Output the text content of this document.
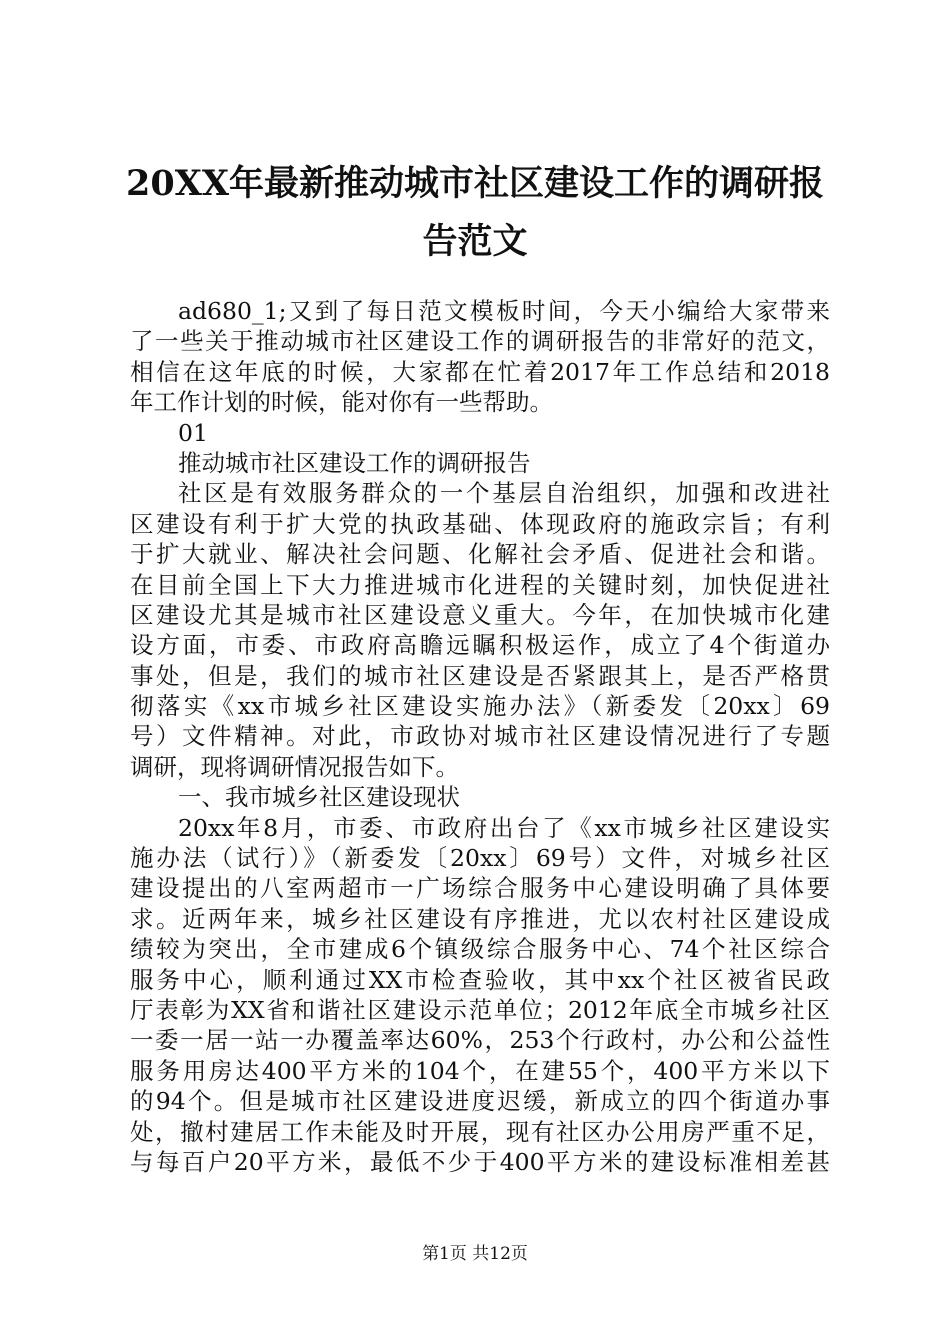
20XX年最新推动城市社区建设工作的调研报
告范文
ad680_1;又到了每日范文模板时间，今天小编给大家带来
了一些关于推动城市社区建设工作的调研报告的非常好的范文，
相信在这年底的时候，大家都在忙着2017年工作总结和2018
年工作计划的时候，能对你有一些帮助。
01
推动城市社区建设工作的调研报告
社区是有效服务群众的一个基层自治组织，加强和改进社
区建设有利于扩大党的执政基础、体现政府的施政宗旨；有利
于扩大就业、解决社会问题、化解社会矛盾、促进社会和谐。
在目前全国上下大力推进城市化进程的关键时刻，加快促进社
区建设尤其是城市社区建设意义重大。今年，在加快城市化建
设方面，市委、市政府高瞻远瞩积极运作，成立了4个街道办
事处，但是，我们的城市社区建设是否紧跟其上，是否严格贯
彻落实《xx市城乡社区建设实施办法》（新委发〔20xx〕69
号）文件精神。对此，市政协对城市社区建设情况进行了专题
调研，现将调研情况报告如下。
一、我市城乡社区建设现状
20xx年8月，市委、市政府出台了《xx市城乡社区建设实
施办法（试行）》（新委发〔20xx〕69号）文件，对城乡社区
建设提出的八室两超市一广场综合服务中心建设明确了具体要
求。近两年来，城乡社区建设有序推进，尤以农村社区建设成
绩较为突出，全市建成6个镇级综合服务中心、74个社区综合
服务中心，顺利通过XX市检查验收，其中xx个社区被省民政
厅表彰为XX省和谐社区建设示范单位；2012年底全市城乡社区
一委一居一站一办覆盖率达60%，253个行政村，办公和公益性
服务用房达400平方米的104个，在建55个，400平方米以下
的94个。但是城市社区建设进度迟缓，新成立的四个街道办事
处，撤村建居工作未能及时开展，现有社区办公用房严重不足，
与每百户20平方米，最低不少于400平方米的建设标准相差甚
第1页 共12页
